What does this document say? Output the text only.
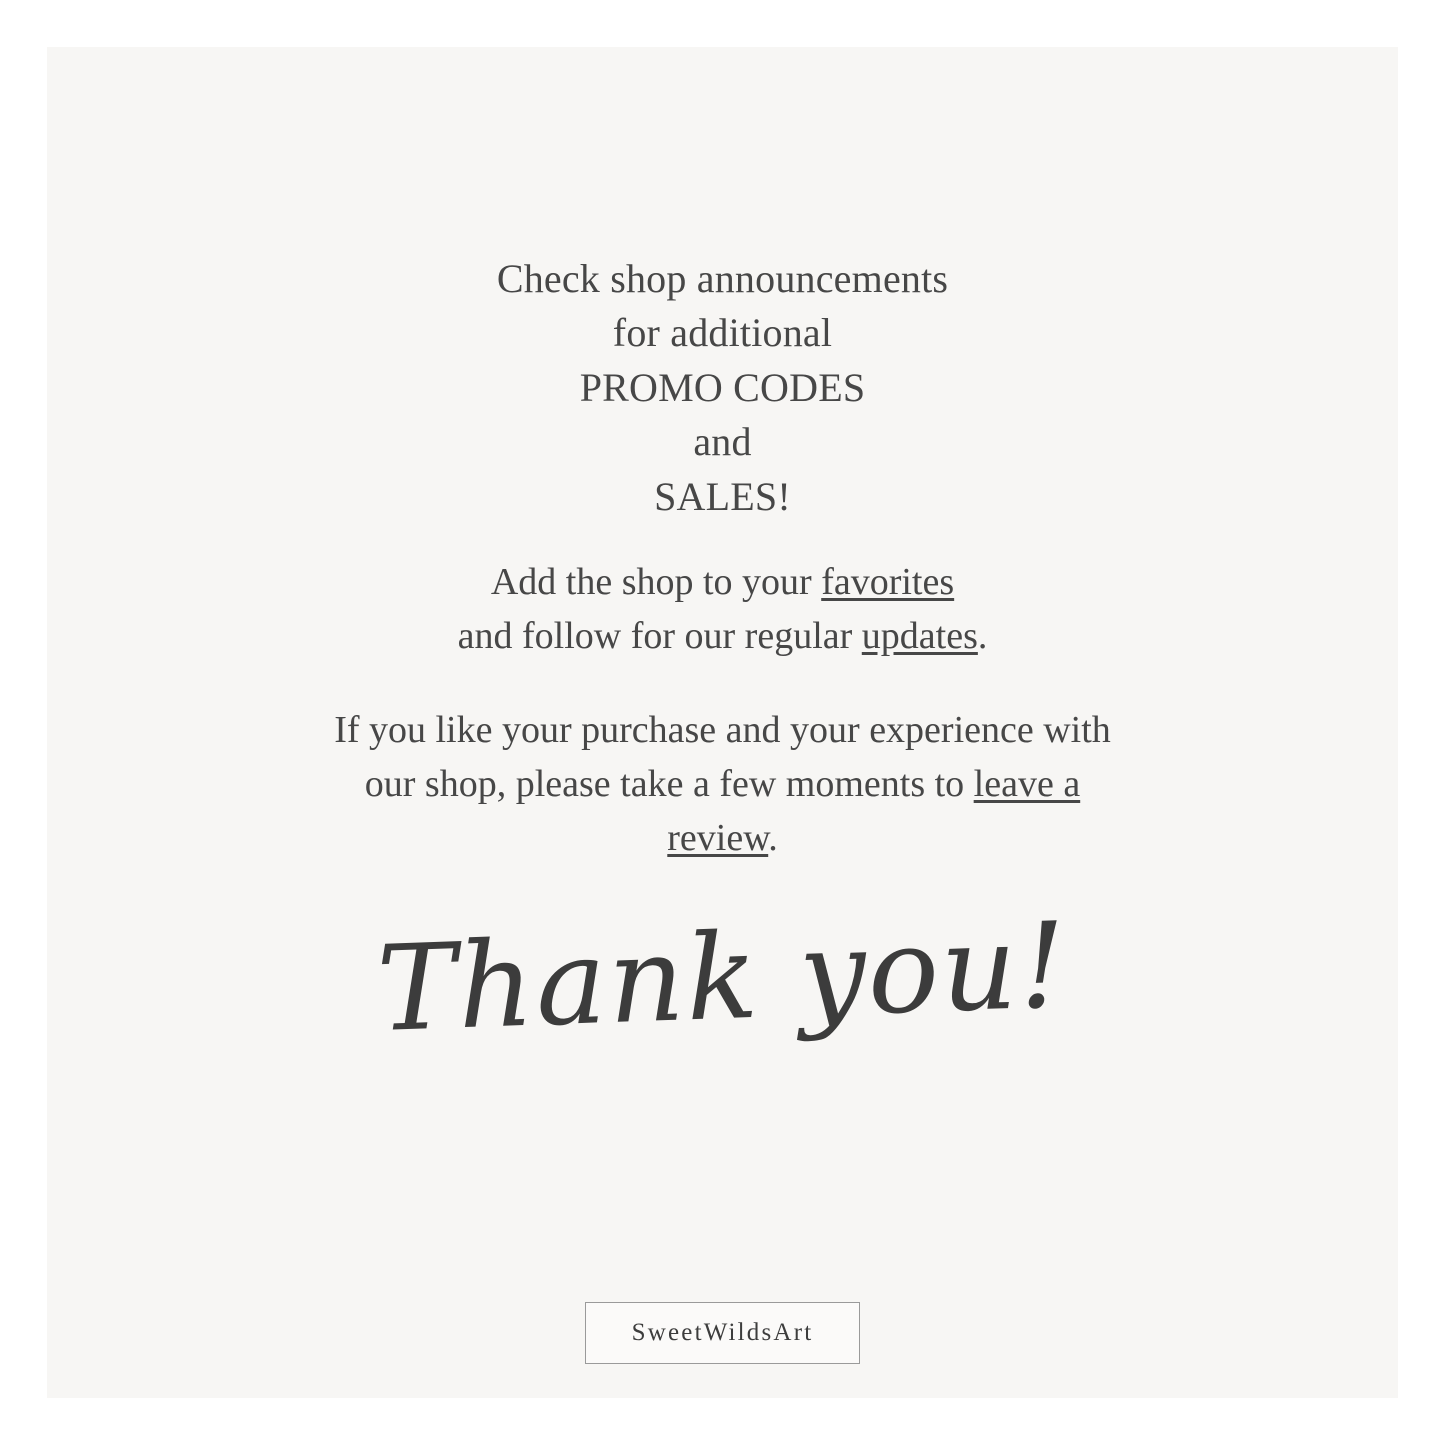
Check shop announcements
for additional
PROMO CODES
and
SALES!
Add the shop to your favorites
and follow for our regular updates.
If you like your purchase and your experience with our shop, please take a few moments to leave a review.
Thank you!
SweetWildsArt
